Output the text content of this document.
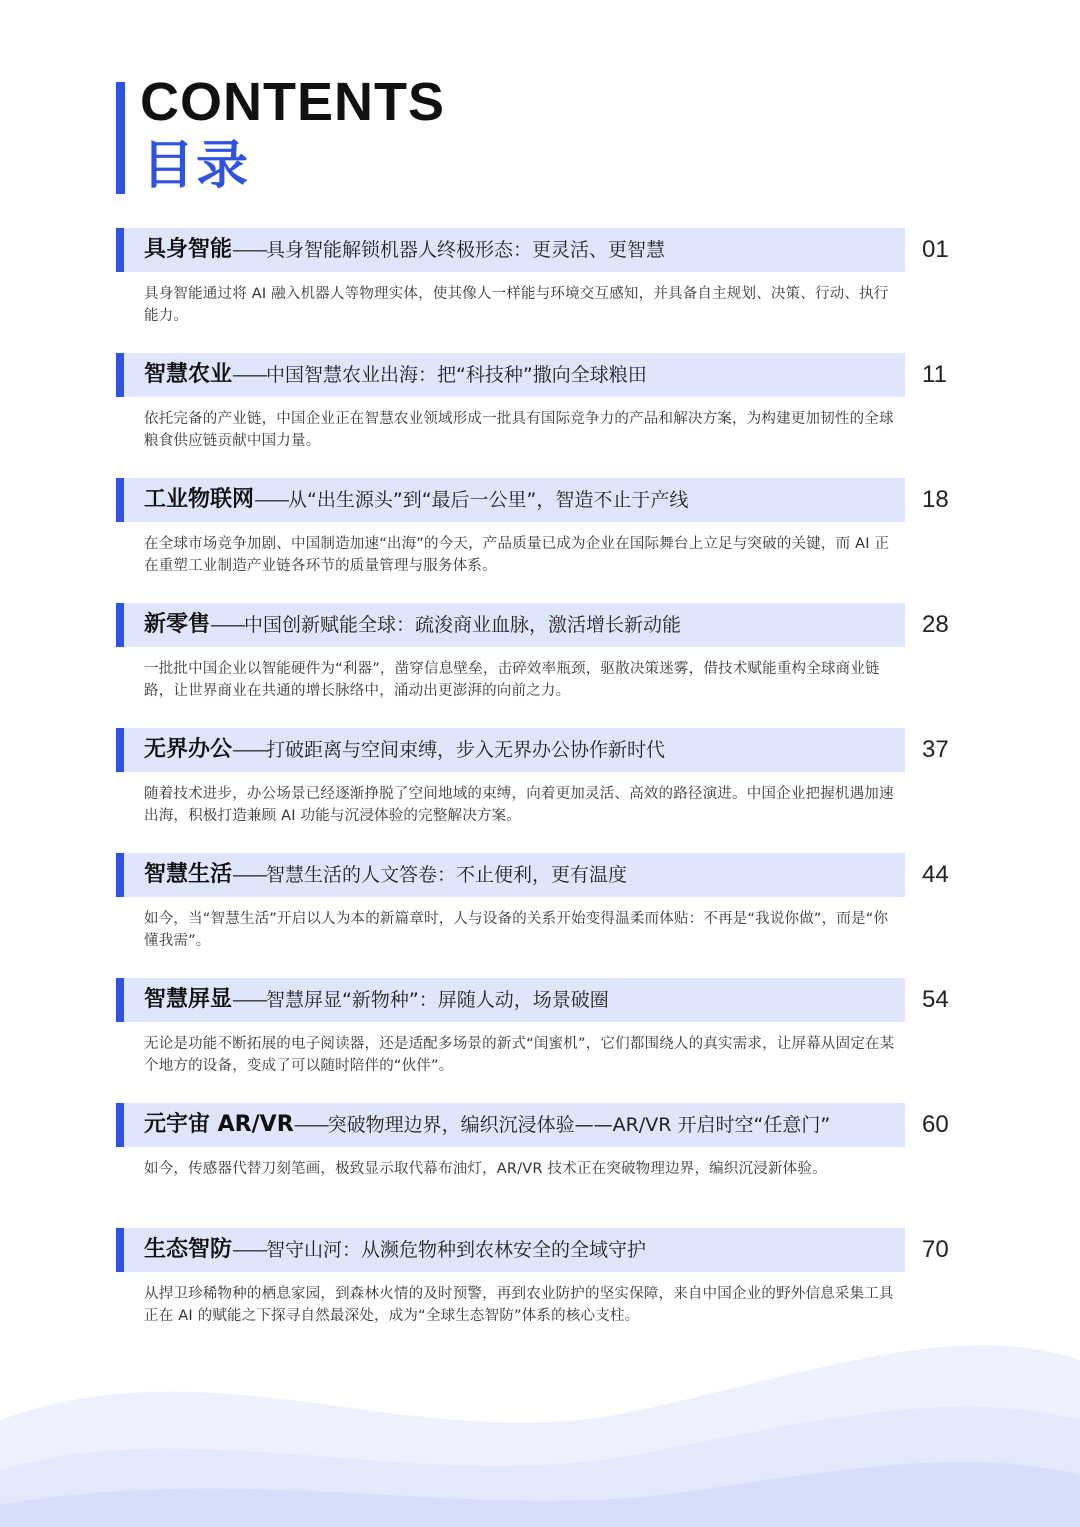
CONTENTS
目录
具身智能——具身智能解锁机器人终极形态：更灵活、更智慧	01

具身智能通过将 AI 融入机器人等物理实体，使其像人一样能与环境交互感知，并具备自主规划、决策、行动、执行能力。

智慧农业——中国智慧农业出海：把“科技种”撒向全球粮田	11

依托完备的产业链，中国企业正在智慧农业领域形成一批具有国际竞争力的产品和解决方案，为构建更加韧性的全球粮食供应链贡献中国力量。

工业物联网——从“出生源头”到“最后一公里”，智造不止于产线	18

在全球市场竞争加剧、中国制造加速“出海”的今天，产品质量已成为企业在国际舞台上立足与突破的关键，而 AI 正在重塑工业制造产业链各环节的质量管理与服务体系。

新零售——中国创新赋能全球：疏浚商业血脉，激活增长新动能	28

一批批中国企业以智能硬件为“利器”，凿穿信息壁垒，击碎效率瓶颈，驱散决策迷雾，借技术赋能重构全球商业链路，让世界商业在共通的增长脉络中，涌动出更澎湃的向前之力。

无界办公——打破距离与空间束缚，步入无界办公协作新时代	37

随着技术进步，办公场景已经逐渐挣脱了空间地域的束缚，向着更加灵活、高效的路径演进。中国企业把握机遇加速出海，积极打造兼顾 AI 功能与沉浸体验的完整解决方案。

智慧生活——智慧生活的人文答卷：不止便利，更有温度	44

如今，当“智慧生活”开启以人为本的新篇章时，人与设备的关系开始变得温柔而体贴：不再是“我说你做”，而是“你懂我需”。

智慧屏显——智慧屏显“新物种”：屏随人动，场景破圈	54

无论是功能不断拓展的电子阅读器，还是适配多场景的新式“闺蜜机”，它们都围绕人的真实需求，让屏幕从固定在某个地方的设备，变成了可以随时陪伴的“伙伴”。

元宇宙 AR/VR——突破物理边界，编织沉浸体验——AR/VR 开启时空“任意门”	60

如今，传感器代替刀刻笔画，极致显示取代幕布油灯，AR/VR 技术正在突破物理边界，编织沉浸新体验。

生态智防——智守山河：从濒危物种到农林安全的全域守护	70

从捍卫珍稀物种的栖息家园，到森林火情的及时预警，再到农业防护的坚实保障，来自中国企业的野外信息采集工具正在 AI 的赋能之下探寻自然最深处，成为“全球生态智防”体系的核心支柱。
